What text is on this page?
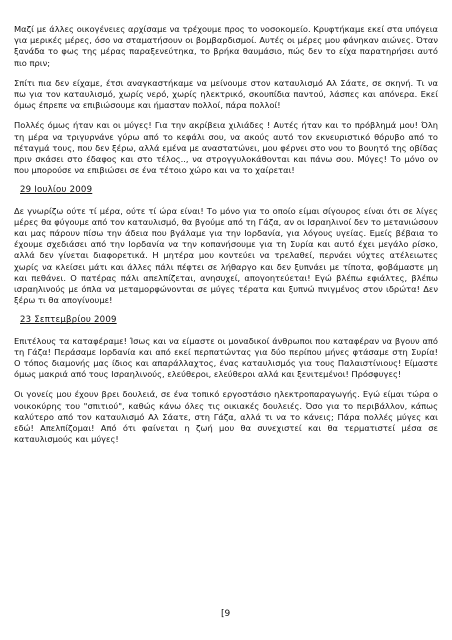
Μαζί με άλλες οικογένειες αρχίσαμε να τρέχουμε προς το νοσοκομείο. Κρυφτήκαμε εκεί στα υπόγεια για μερικές μέρες, όσο να σταματήσουν οι βομβαρδισμοί. Αυτές οι μέρες μου φάνηκαν αιώνες. Όταν ξανάδα το φως της μέρας παραξενεύτηκα, το βρήκα θαυμάσιο, πώς δεν το είχα παρατηρήσει αυτό πιο πριν;

Σπίτι πια δεν είχαμε, έτσι αναγκαστήκαμε να μείνουμε στον καταυλισμό Αλ Σάατε, σε σκηνή. Τι να πω για τον καταυλισμό, χωρίς νερό, χωρίς ηλεκτρικό, σκουπίδια παντού, λάσπες και απόνερα. Εκεί όμως έπρεπε να επιβιώσουμε και ήμασταν πολλοί, πάρα πολλοί!

Πολλές όμως ήταν και οι μύγες! Για την ακρίβεια χιλιάδες ! Αυτές ήταν και το πρόβλημά μου! Όλη τη μέρα να τριγυρνάνε γύρω από το κεφάλι σου, να ακούς αυτό τον εκνευριστικό θόρυβο από το πέταγμά τους, που δεν ξέρω, αλλά εμένα με αναστατώνει, μου φέρνει στο νου το βουητό της οβίδας πριν σκάσει στο έδαφος και στο τέλος.., να στρογγυλοκάθονται και πάνω σου. Μύγες! Το μόνο ον που μπορούσε να επιβιώσει σε ένα τέτοιο χώρο και να το χαίρεται!

29 Ιουλίου 2009

Δε γνωρίζω ούτε τί μέρα, ούτε τί ώρα είναι! Το μόνο για το οποίο είμαι σίγουρος είναι ότι σε λίγες μέρες θα φύγουμε από τον καταυλισμό, θα βγούμε από τη Γάζα, αν οι Ισραηλινοί δεν το μετανιώσουν και μας πάρουν πίσω την άδεια που βγάλαμε για την Ιορδανία, για λόγους υγείας. Εμείς βέβαια το έχουμε σχεδιάσει από την Ιορδανία να την κοπανήσουμε για τη Συρία και αυτό έχει μεγάλο ρίσκο, αλλά δεν γίνεται διαφορετικά. Η μητέρα μου κοντεύει να τρελαθεί, περνάει νύχτες ατέλειωτες χωρίς να κλείσει μάτι και άλλες πάλι πέφτει σε λήθαργο και δεν ξυπνάει με τίποτα, φοβάμαστε μη και πεθάνει. Ο πατέρας πάλι απελπίζεται, ανησυχεί, απογοητεύεται! Εγώ βλέπω εφιάλτες, βλέπω ισραηλινούς με όπλα να μεταμορφώνονται σε μύγες τέρατα και ξυπνώ πνιγμένος στον ιδρώτα! Δεν ξέρω τι θα απογίνουμε!

23 Σεπτεμβρίου 2009

Επιτέλους τα καταφέραμε! Ίσως και να είμαστε οι μοναδικοί άνθρωποι που καταφέραν να βγουν από τη Γάζα! Περάσαμε Ιορδανία και από εκεί περπατώντας για δύο περίπου μήνες φτάσαμε στη Συρία! Ο τόπος διαμονής μας ίδιος και απαράλλαχτος, ένας καταυλισμός για τους Παλαιστίνιους! Είμαστε όμως μακριά από τους Ισραηλινούς, ελεύθεροι, ελεύθεροι αλλά και ξενιτεμένοι! Πρόσφυγες!

Οι γονείς μου έχουν βρει δουλειά, σε ένα τοπικό εργοστάσιο ηλεκτροπαραγωγής. Εγώ είμαι τώρα ο νοικοκύρης του "σπιτιού", καθώς κάνω όλες τις οικιακές δουλειές. Όσο για το περιβάλλον, κάπως καλύτερο από τον καταυλισμό Αλ Σάατε, στη Γάζα, αλλά τι να το κάνεις; Πάρα πολλές μύγες και εδώ! Απελπίζομαι! Από ότι φαίνεται η ζωή μου θα συνεχιστεί και θα τερματιστεί μέσα σε καταυλισμούς και μύγες!

[9
